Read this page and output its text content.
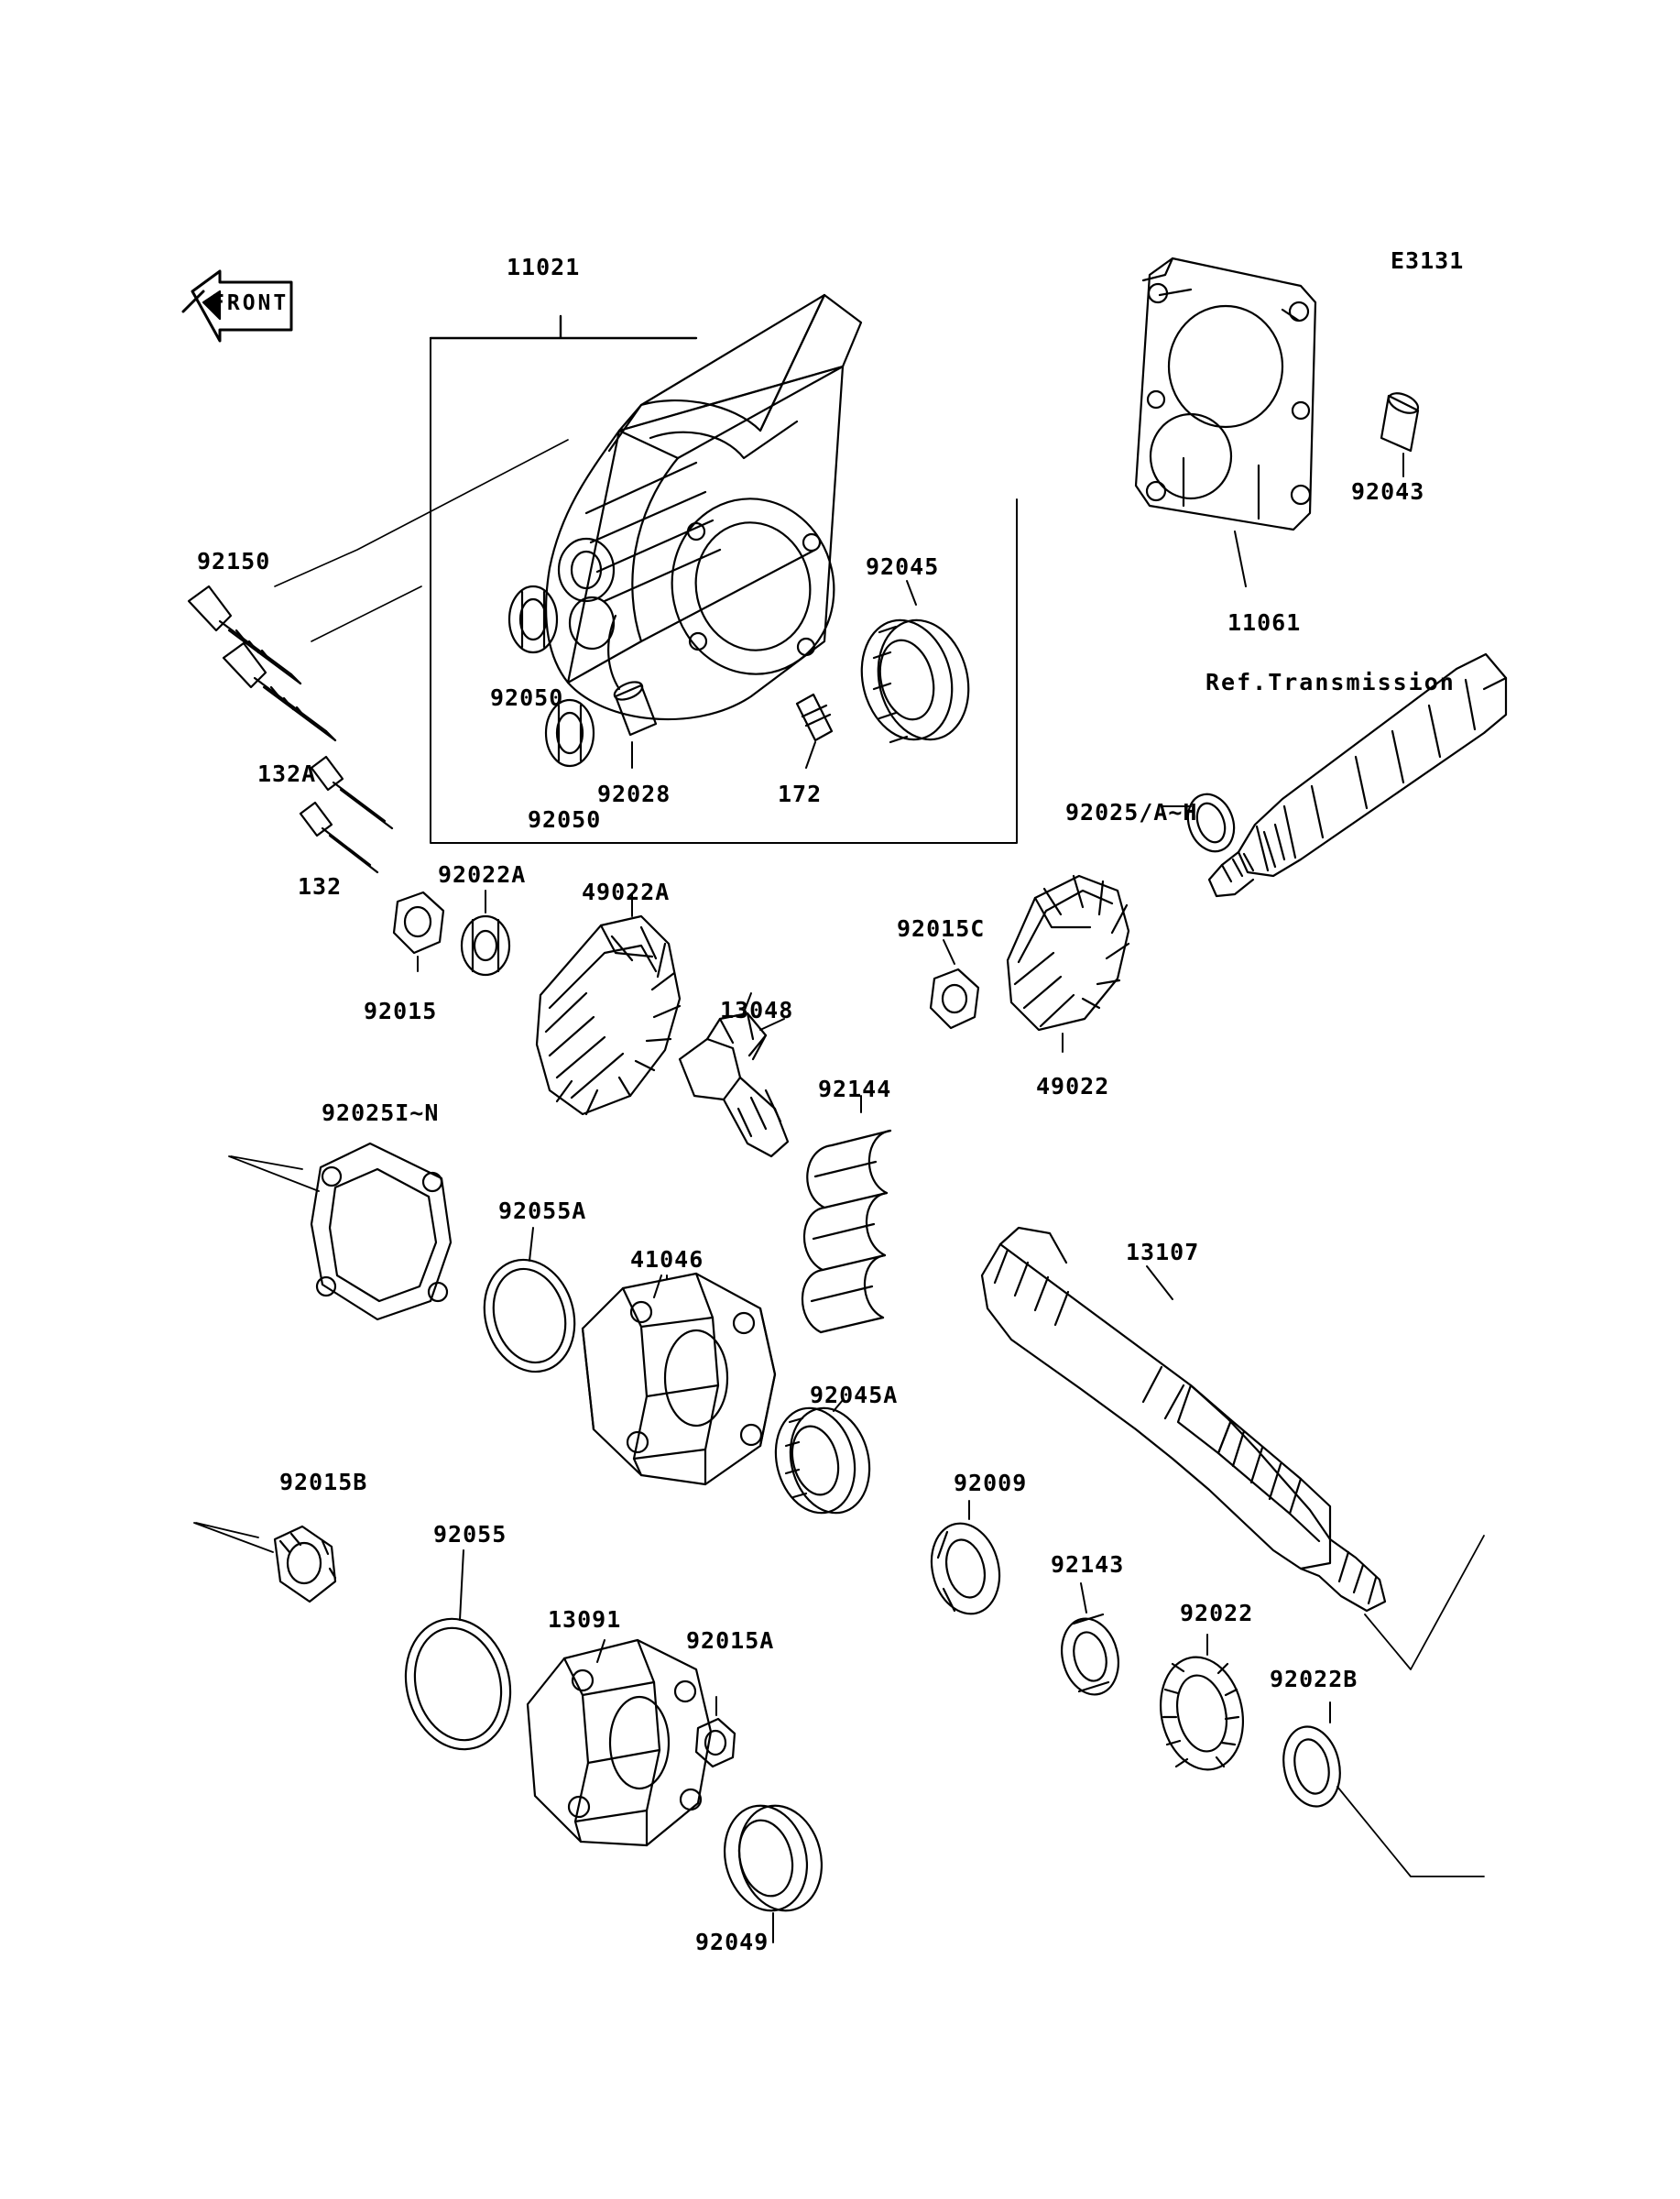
11021	E3131
92043
11061
92150	92045
92050
132A
92028	172
92050
Ref.Transmission
92025/A~H
132	92022A
49022A
92015C
92015	13048
92144	49022
92025I~N
92055A
41046	13107
92045A
92015B	92009
92055
92143
13091	92022
92015A
92022B
92049
FRONT
